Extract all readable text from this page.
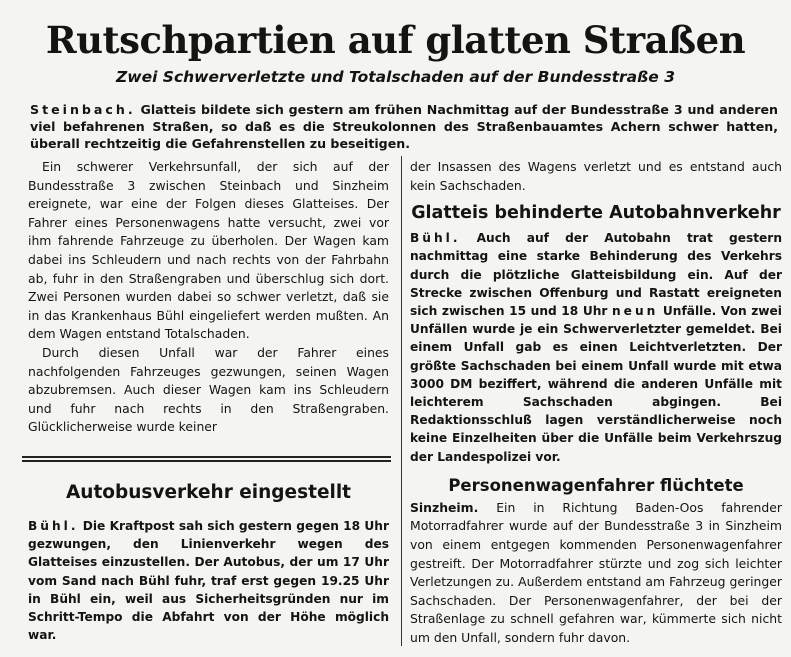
Rutschpartien auf glatten Straßen
Zwei Schwerverletzte und Totalschaden auf der Bundesstraße 3

Steinbach. Glatteis bildete sich gestern am frühen Nachmittag auf der Bundesstraße 3 und anderen viel befahrenen Straßen, so daß es die Streukolonnen des Straßenbauamtes Achern schwer hatten, überall rechtzeitig die Gefahrenstellen zu beseitigen.

Ein schwerer Verkehrsunfall, der sich auf der Bundesstraße 3 zwischen Steinbach und Sinzheim ereignete, war eine der Folgen dieses Glatteises. Der Fahrer eines Personenwagens hatte versucht, zwei vor ihm fahrende Fahrzeuge zu überholen. Der Wagen kam dabei ins Schleudern und nach rechts von der Fahrbahn ab, fuhr in den Straßengraben und überschlug sich dort. Zwei Personen wurden dabei so schwer verletzt, daß sie in das Krankenhaus Bühl eingeliefert werden mußten. An dem Wagen entstand Totalschaden.

Durch diesen Unfall war der Fahrer eines nachfolgenden Fahrzeuges gezwungen, seinen Wagen abzubremsen. Auch dieser Wagen kam ins Schleudern und fuhr nach rechts in den Straßengraben. Glücklicherweise wurde keiner

Autobusverkehr eingestellt

Bühl. Die Kraftpost sah sich gestern gegen 18 Uhr gezwungen, den Linienverkehr wegen des Glatteises einzustellen. Der Autobus, der um 17 Uhr vom Sand nach Bühl fuhr, traf erst gegen 19.25 Uhr in Bühl ein, weil aus Sicherheitsgründen nur im Schritt-Tempo die Abfahrt von der Höhe möglich war.

der Insassen des Wagens verletzt und es entstand auch kein Sachschaden.

Glatteis behinderte Autobahnverkehr

Bühl. Auch auf der Autobahn trat gestern nachmittag eine starke Behinderung des Verkehrs durch die plötzliche Glatteisbildung ein. Auf der Strecke zwischen Offenburg und Rastatt ereigneten sich zwischen 15 und 18 Uhr neun Unfälle. Von zwei Unfällen wurde je ein Schwerverletzter gemeldet. Bei einem Unfall gab es einen Leichtverletzten. Der größte Sachschaden bei einem Unfall wurde mit etwa 3000 DM beziffert, während die anderen Unfälle mit leichterem Sachschaden abgingen. Bei Redaktionsschluß lagen verständlicherweise noch keine Einzelheiten über die Unfälle beim Verkehrszug der Landespolizei vor.

Personenwagenfahrer flüchtete

Sinzheim. Ein in Richtung Baden-Oos fahrender Motorradfahrer wurde auf der Bundesstraße 3 in Sinzheim von einem entgegen kommenden Personenwagenfahrer gestreift. Der Motorradfahrer stürzte und zog sich leichter Verletzungen zu. Außerdem entstand am Fahrzeug geringer Sachschaden. Der Personenwagenfahrer, der bei der Straßenlage zu schnell gefahren war, kümmerte sich nicht um den Unfall, sondern fuhr davon.
